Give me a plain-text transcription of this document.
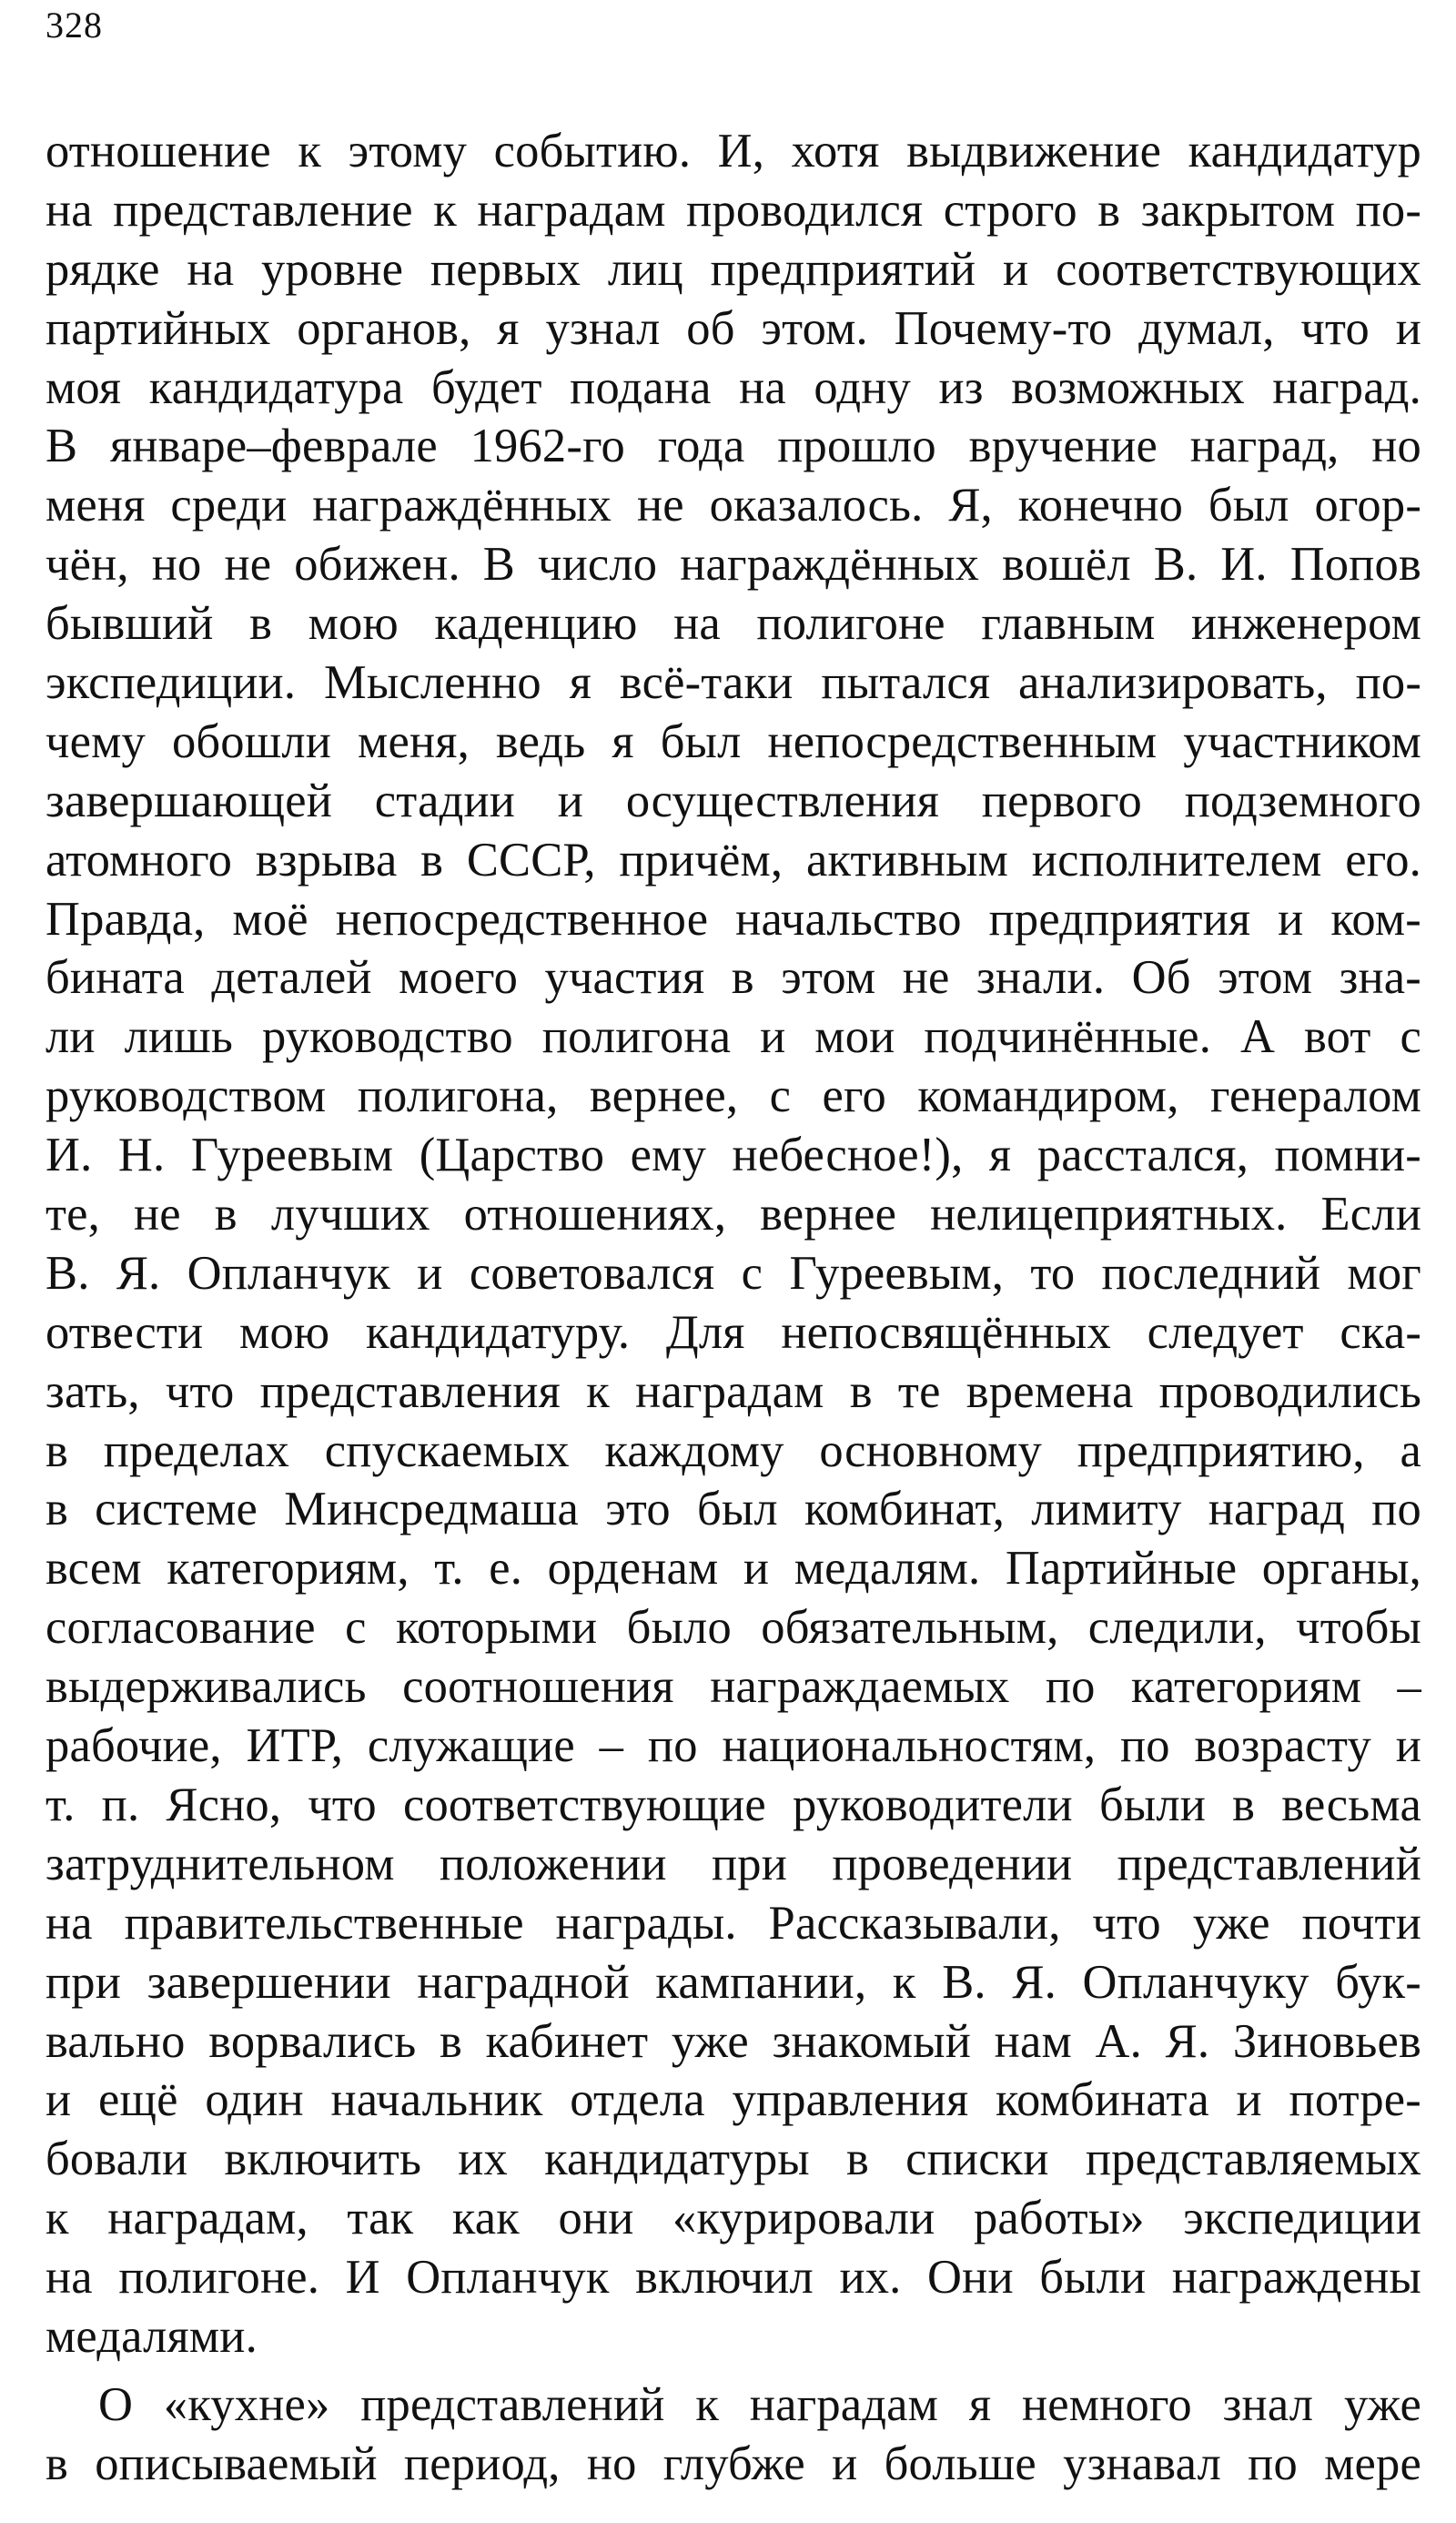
328
отношение к этому событию. И, хотя выдвижение кандидатур
на представление к наградам проводился строго в закрытом по-
рядке на уровне первых лиц предприятий и соответствующих
партийных органов, я узнал об этом. Почему-то думал, что и
моя кандидатура будет подана на одну из возможных наград.
В январе–феврале 1962-го года прошло вручение наград, но
меня среди награждённых не оказалось. Я, конечно был огор-
чён, но не обижен. В число награждённых вошёл В. И. Попов
бывший в мою каденцию на полигоне главным инженером
экспедиции. Мысленно я всё-таки пытался анализировать, по-
чему обошли меня, ведь я был непосредственным участником
завершающей стадии и осуществления первого подземного
атомного взрыва в СССР, причём, активным исполнителем его.
Правда, моё непосредственное начальство предприятия и ком-
бината деталей моего участия в этом не знали. Об этом зна-
ли лишь руководство полигона и мои подчинённые. А вот с
руководством полигона, вернее, с его командиром, генералом
И. Н. Гуреевым (Царство ему небесное!), я расстался, помни-
те, не в лучших отношениях, вернее нелицеприятных. Если
В. Я. Опланчук и советовался с Гуреевым, то последний мог
отвести мою кандидатуру. Для непосвящённых следует ска-
зать, что представления к наградам в те времена проводились
в пределах спускаемых каждому основному предприятию, а
в системе Минсредмаша это был комбинат, лимиту наград по
всем категориям, т. е. орденам и медалям. Партийные органы,
согласование с которыми было обязательным, следили, чтобы
выдерживались соотношения награждаемых по категориям –
рабочие, ИТР, служащие – по национальностям, по возрасту и
т. п. Ясно, что соответствующие руководители были в весьма
затруднительном положении при проведении представлений
на правительственные награды. Рассказывали, что уже почти
при завершении наградной кампании, к В. Я. Опланчуку бук-
вально ворвались в кабинет уже знакомый нам А. Я. Зиновьев
и ещё один начальник отдела управления комбината и потре-
бовали включить их кандидатуры в списки представляемых
к наградам, так как они «курировали работы» экспедиции
на полигоне. И Опланчук включил их. Они были награждены
медалями.
О «кухне» представлений к наградам я немного знал уже
в описываемый период, но глубже и больше узнавал по мере
